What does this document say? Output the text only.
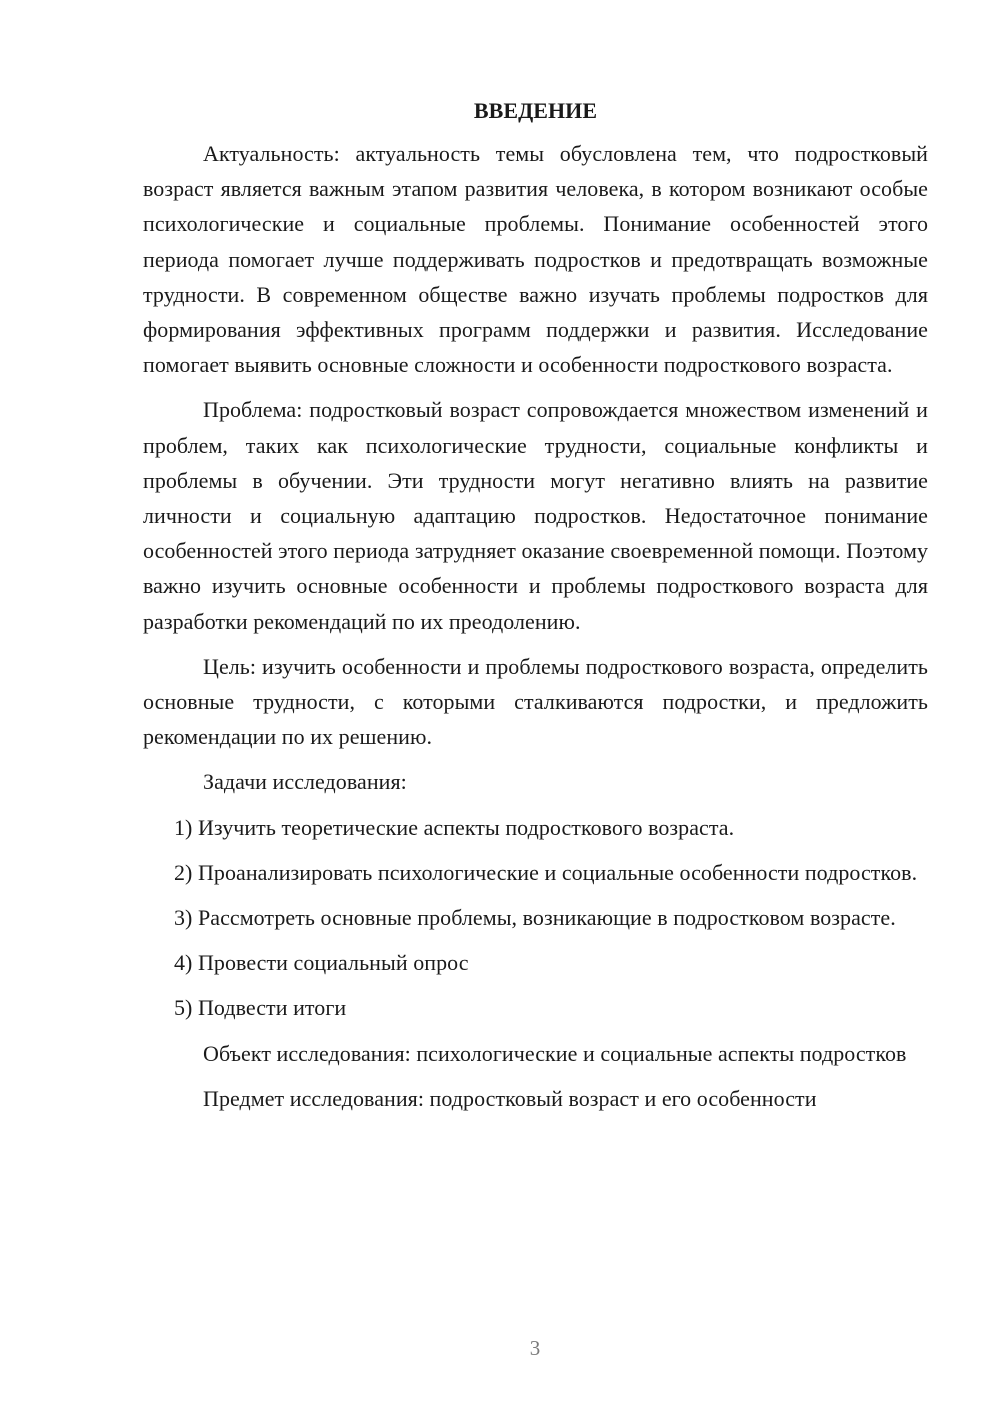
ВВЕДЕНИЕ

Актуальность: актуальность темы обусловлена тем, что подростковый возраст является важным этапом развития человека, в котором возникают особые психологические и социальные проблемы. Понимание особенностей этого периода помогает лучше поддерживать подростков и предотвращать возможные трудности. В современном обществе важно изучать проблемы подростков для формирования эффективных программ поддержки и развития. Исследование помогает выявить основные сложности и особенности подросткового возраста.

Проблема: подростковый возраст сопровождается множеством изменений и проблем, таких как психологические трудности, социальные конфликты и проблемы в обучении. Эти трудности могут негативно влиять на развитие личности и социальную адаптацию подростков. Недостаточное понимание особенностей этого периода затрудняет оказание своевременной помощи. Поэтому важно изучить основные особенности и проблемы подросткового возраста для разработки рекомендаций по их преодолению.

Цель: изучить особенности и проблемы подросткового возраста, определить основные трудности, с которыми сталкиваются подростки, и предложить рекомендации по их решению.

Задачи исследования:

1) Изучить теоретические аспекты подросткового возраста.

2) Проанализировать психологические и социальные особенности подростков.

3) Рассмотреть основные проблемы, возникающие в подростковом возрасте.

4) Провести социальный опрос

5) Подвести итоги

Объект исследования: психологические и социальные аспекты подростков

Предмет исследования: подростковый возраст и его особенности

3
